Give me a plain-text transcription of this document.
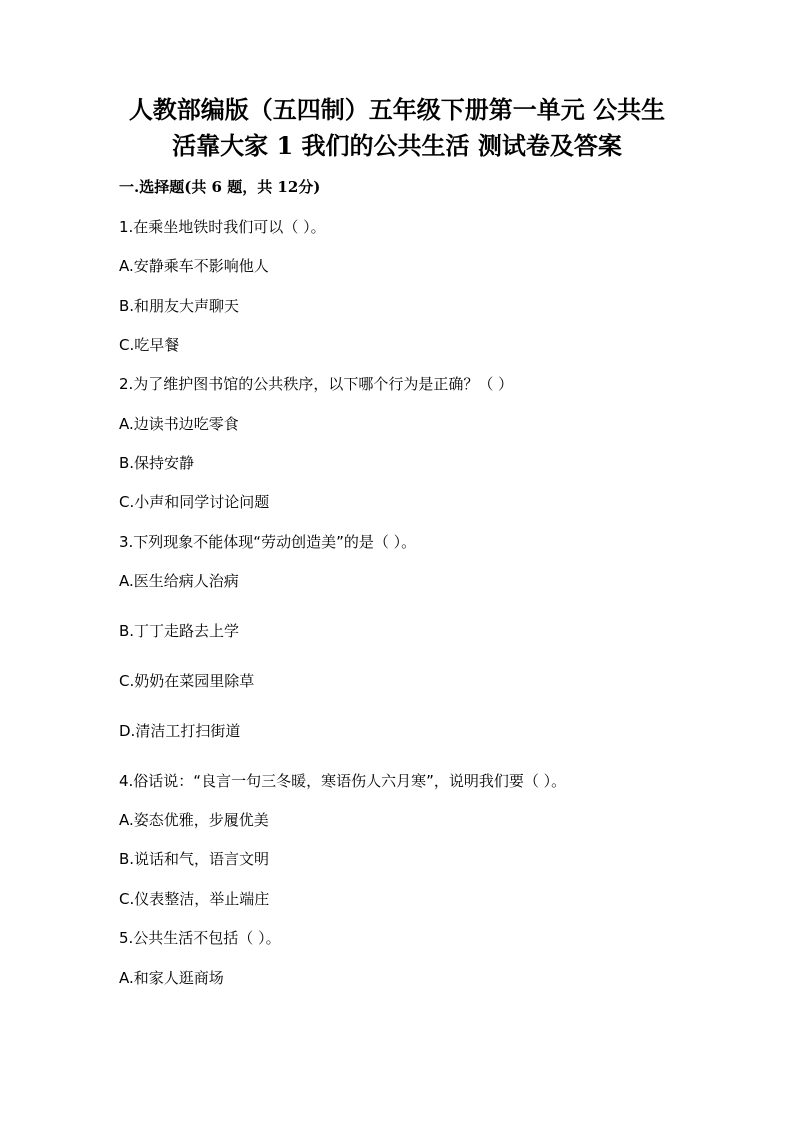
人教部编版（五四制）五年级下册第一单元 公共生
活靠大家 1 我们的公共生活 测试卷及答案
一.选择题(共 6 题，共 12分)
1.在乘坐地铁时我们可以（ ）。
A.安静乘车不影响他人
B.和朋友大声聊天
C.吃早餐
2.为了维护图书馆的公共秩序，以下哪个行为是正确？（ ）
A.边读书边吃零食
B.保持安静
C.小声和同学讨论问题
3.下列现象不能体现“劳动创造美”的是（ ）。
A.医生给病人治病
B.丁丁走路去上学
C.奶奶在菜园里除草
D.清洁工打扫街道
4.俗话说：“良言一句三冬暖，寒语伤人六月寒”，说明我们要（ ）。
A.姿态优雅，步履优美
B.说话和气，语言文明
C.仪表整洁，举止端庄
5.公共生活不包括（ ）。
A.和家人逛商场
